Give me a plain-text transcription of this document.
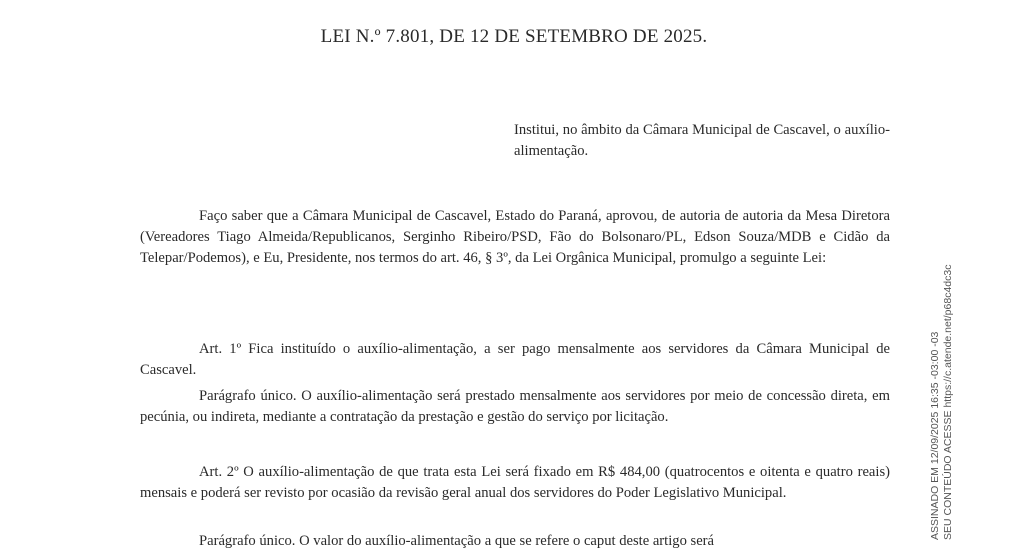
LEI N.º 7.801, DE 12 DE SETEMBRO DE 2025.
Institui, no âmbito da Câmara Municipal de Cascavel, o auxílio-alimentação.

Faço saber que a Câmara Municipal de Cascavel, Estado do Paraná, aprovou, de autoria de autoria da Mesa Diretora (Vereadores Tiago Almeida/Republicanos, Serginho Ribeiro/PSD, Fão do Bolsonaro/PL, Edson Souza/MDB e Cidão da Telepar/Podemos), e Eu, Presidente, nos termos do art. 46, § 3º, da Lei Orgânica Municipal, promulgo a seguinte Lei:

Art. 1º Fica instituído o auxílio-alimentação, a ser pago mensalmente aos servidores da Câmara Municipal de Cascavel.

Parágrafo único. O auxílio-alimentação será prestado mensalmente aos servidores por meio de concessão direta, em pecúnia, ou indireta, mediante a contratação da prestação e gestão do serviço por licitação.

Art. 2º O auxílio-alimentação de que trata esta Lei será fixado em R$ 484,00 (quatrocentos e oitenta e quatro reais) mensais e poderá ser revisto por ocasião da revisão geral anual dos servidores do Poder Legislativo Municipal.

Parágrafo único. O valor do auxílio-alimentação a que se refere o caput deste artigo será

ASSINADO EM 12/09/2025 16:35 -03:00 -03 SEU CONTEÚDO ACESSE https://c.atende.net/p68c4dc3c
